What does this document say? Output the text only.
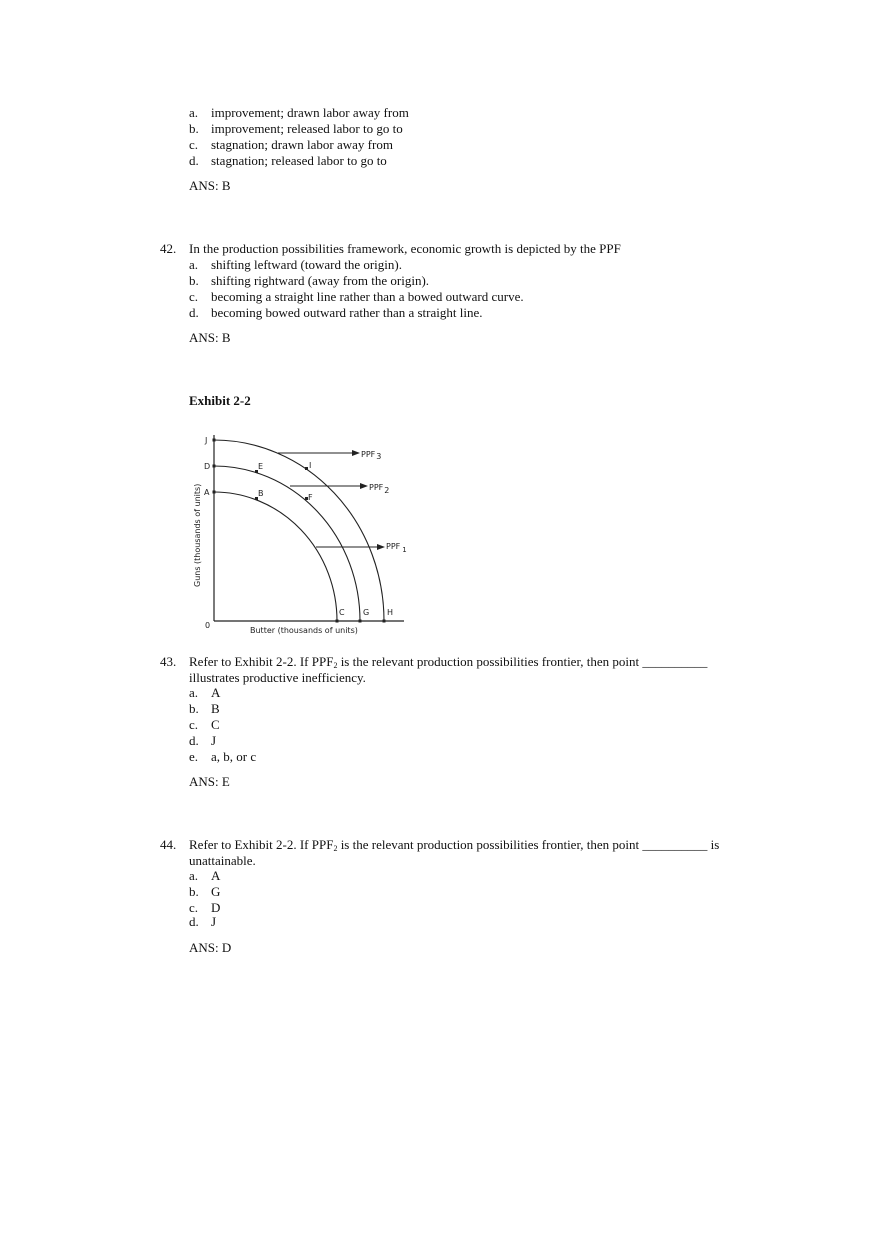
a. improvement; drawn labor away from
b. improvement; released labor to go to
c. stagnation; drawn labor away from
d. stagnation; released labor to go to
ANS: B
42. In the production possibilities framework, economic growth is depicted by the PPF
a. shifting leftward (toward the origin).
b. shifting rightward (away from the origin).
c. becoming a straight line rather than a bowed outward curve.
d. becoming bowed outward rather than a straight line.
ANS: B
Exhibit 2-2
PPF3
PPF2
PPF 1
J
D
A	B
E
F
I
C G H
0
Butter (thousands of units)
Guns (thousands of units)
43. Refer to Exhibit 2-2. If $PPF_2$ is the relevant production possibilities frontier, then point __________
illustrates productive inefficiency.
a. A
b. B
c. C
d. J
e. a, b, or c
ANS: E
44. Refer to Exhibit 2-2. If $PPF_2$ is the relevant production possibilities frontier, then point __________ is
unattainable.
a. A
b. G
c. D
d. J
ANS: D
